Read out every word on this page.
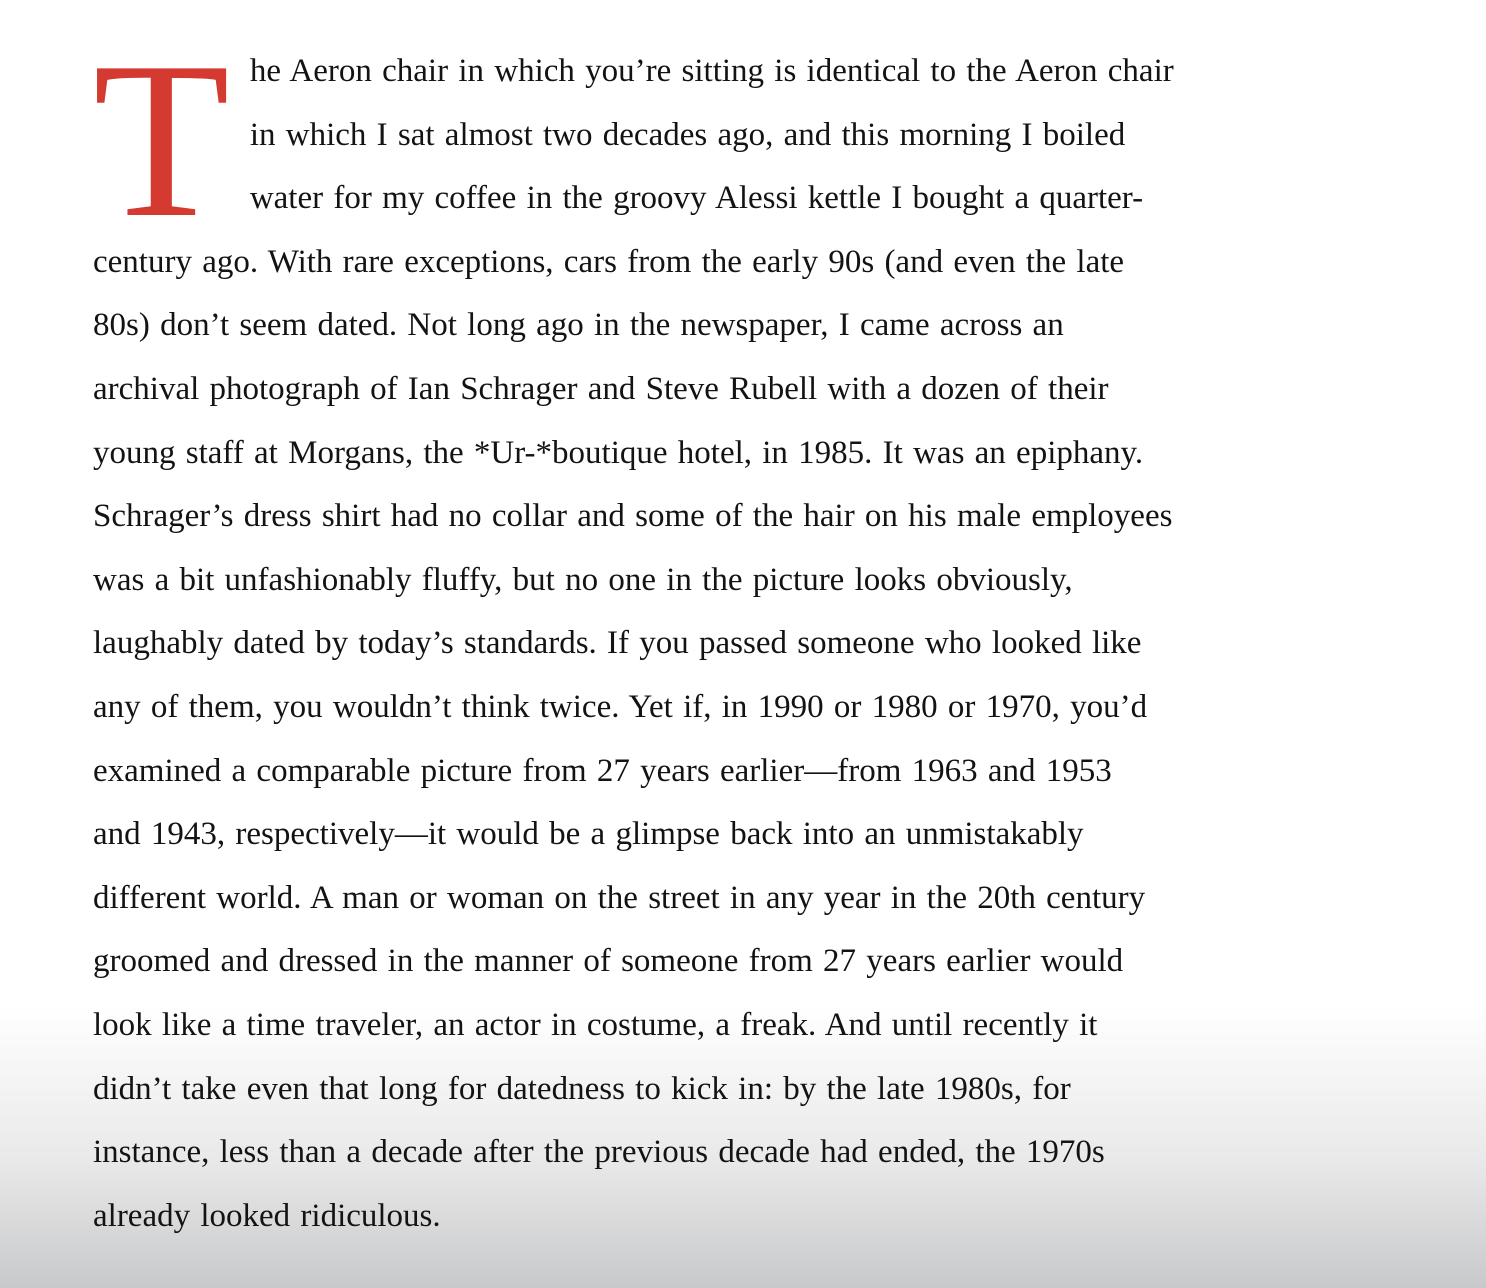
T he Aeron chair in which you’re sitting is identical to the Aeron chair
in which I sat almost two decades ago, and this morning I boiled
water for my coffee in the groovy Alessi kettle I bought a quarter-
century ago. With rare exceptions, cars from the early 90s (and even the late
80s) don’t seem dated. Not long ago in the newspaper, I came across an
archival photograph of Ian Schrager and Steve Rubell with a dozen of their
young staff at Morgans, the *Ur-*boutique hotel, in 1985. It was an epiphany.
Schrager’s dress shirt had no collar and some of the hair on his male employees
was a bit unfashionably fluffy, but no one in the picture looks obviously,
laughably dated by today’s standards. If you passed someone who looked like
any of them, you wouldn’t think twice. Yet if, in 1990 or 1980 or 1970, you’d
examined a comparable picture from 27 years earlier—from 1963 and 1953
and 1943, respectively—it would be a glimpse back into an unmistakably
different world. A man or woman on the street in any year in the 20th century
groomed and dressed in the manner of someone from 27 years earlier would
look like a time traveler, an actor in costume, a freak. And until recently it
didn’t take even that long for datedness to kick in: by the late 1980s, for
instance, less than a decade after the previous decade had ended, the 1970s
already looked ridiculous.
